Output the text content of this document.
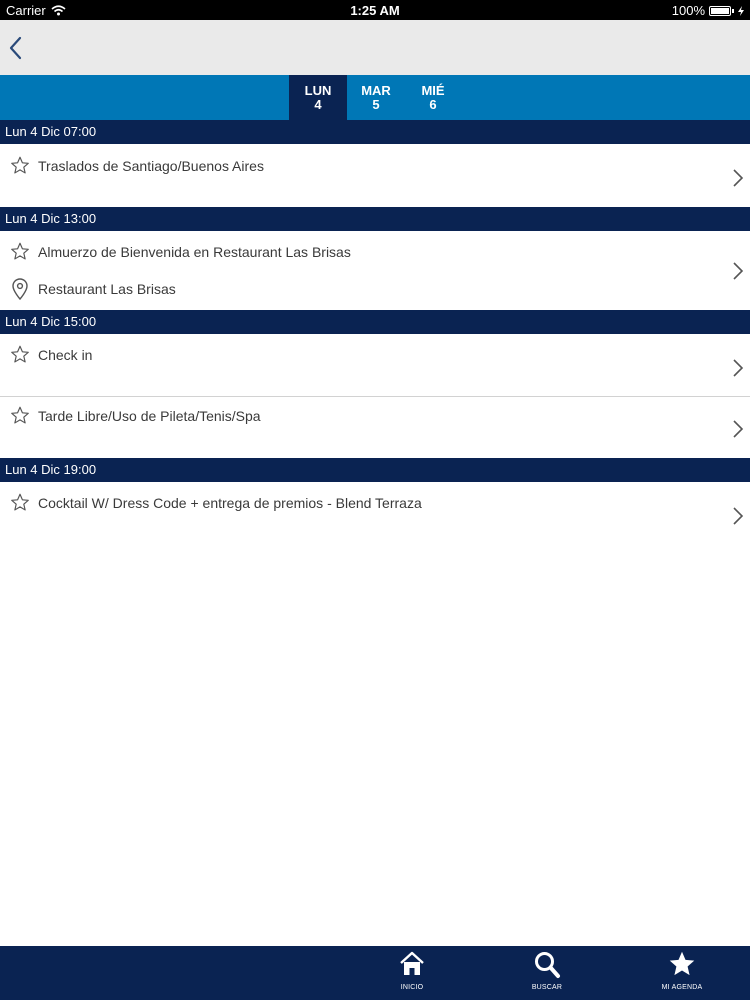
Carrier	1:25 AM	100%
LUN
4
MAR
5
MIÉ
6
Lun 4 Dic 07:00
Traslados de Santiago/Buenos Aires
Lun 4 Dic 13:00
Almuerzo de Bienvenida en Restaurant Las Brisas
Restaurant Las Brisas
Lun 4 Dic 15:00
Check in
Tarde Libre/Uso de Pileta/Tenis/Spa
Lun 4 Dic 19:00
Cocktail W/ Dress Code + entrega de premios - Blend Terraza
INICIO	BUSCAR	MI AGENDA
